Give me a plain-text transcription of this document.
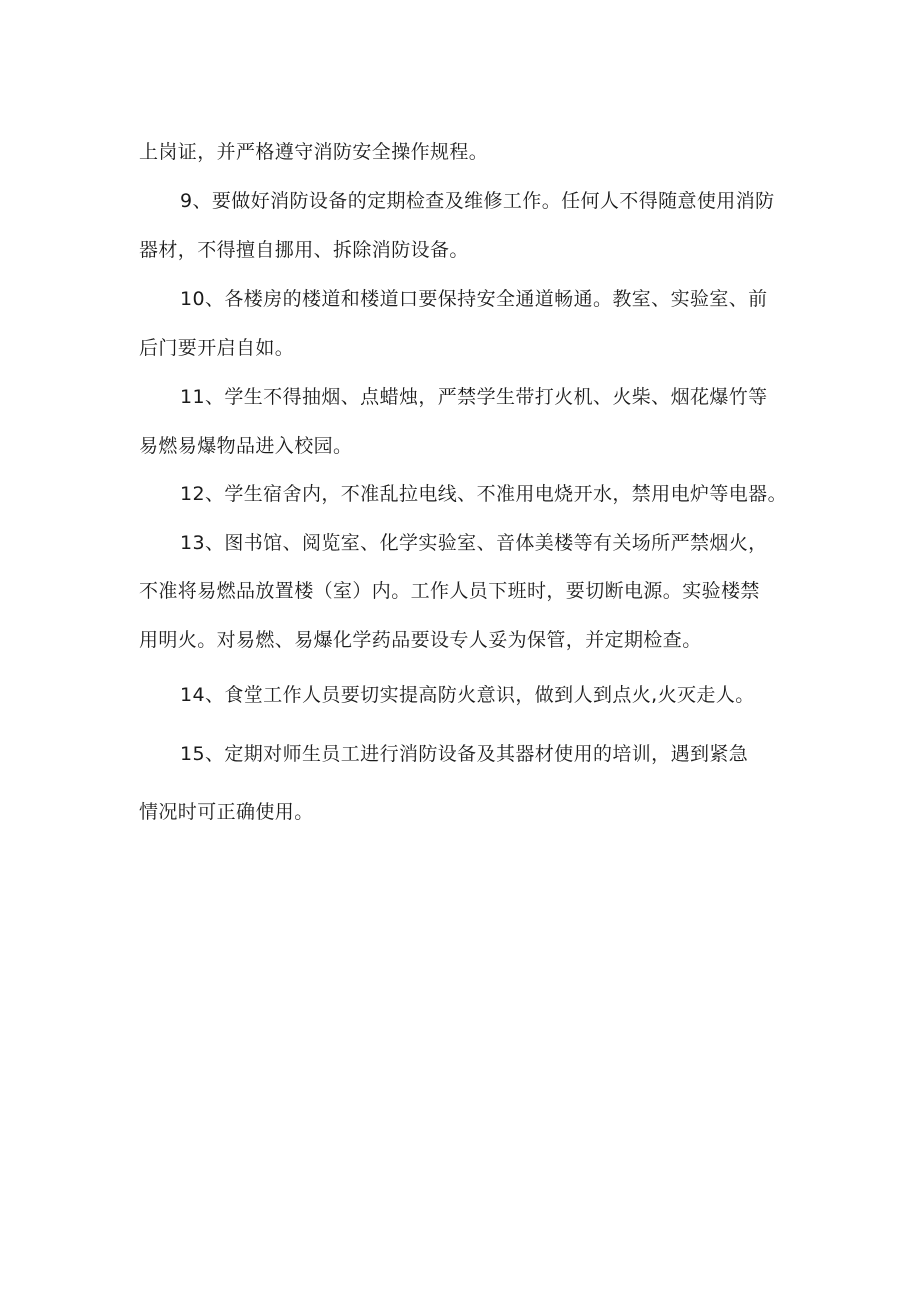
上岗证，并严格遵守消防安全操作规程。
9、要做好消防设备的定期检查及维修工作。任何人不得随意使用消防
器材，不得擅自挪用、拆除消防设备。
10、各楼房的楼道和楼道口要保持安全通道畅通。教室、实验室、前
后门要开启自如。
11、学生不得抽烟、点蜡烛，严禁学生带打火机、火柴、烟花爆竹等
易燃易爆物品进入校园。
12、学生宿舍内，不准乱拉电线、不准用电烧开水，禁用电炉等电器。
13、图书馆、阅览室、化学实验室、音体美楼等有关场所严禁烟火，
不准将易燃品放置楼（室）内。工作人员下班时，要切断电源。实验楼禁
用明火。对易燃、易爆化学药品要设专人妥为保管，并定期检查。
14、食堂工作人员要切实提高防火意识，做到人到点火,火灭走人。
15、定期对师生员工进行消防设备及其器材使用的培训，遇到紧急
情况时可正确使用。
